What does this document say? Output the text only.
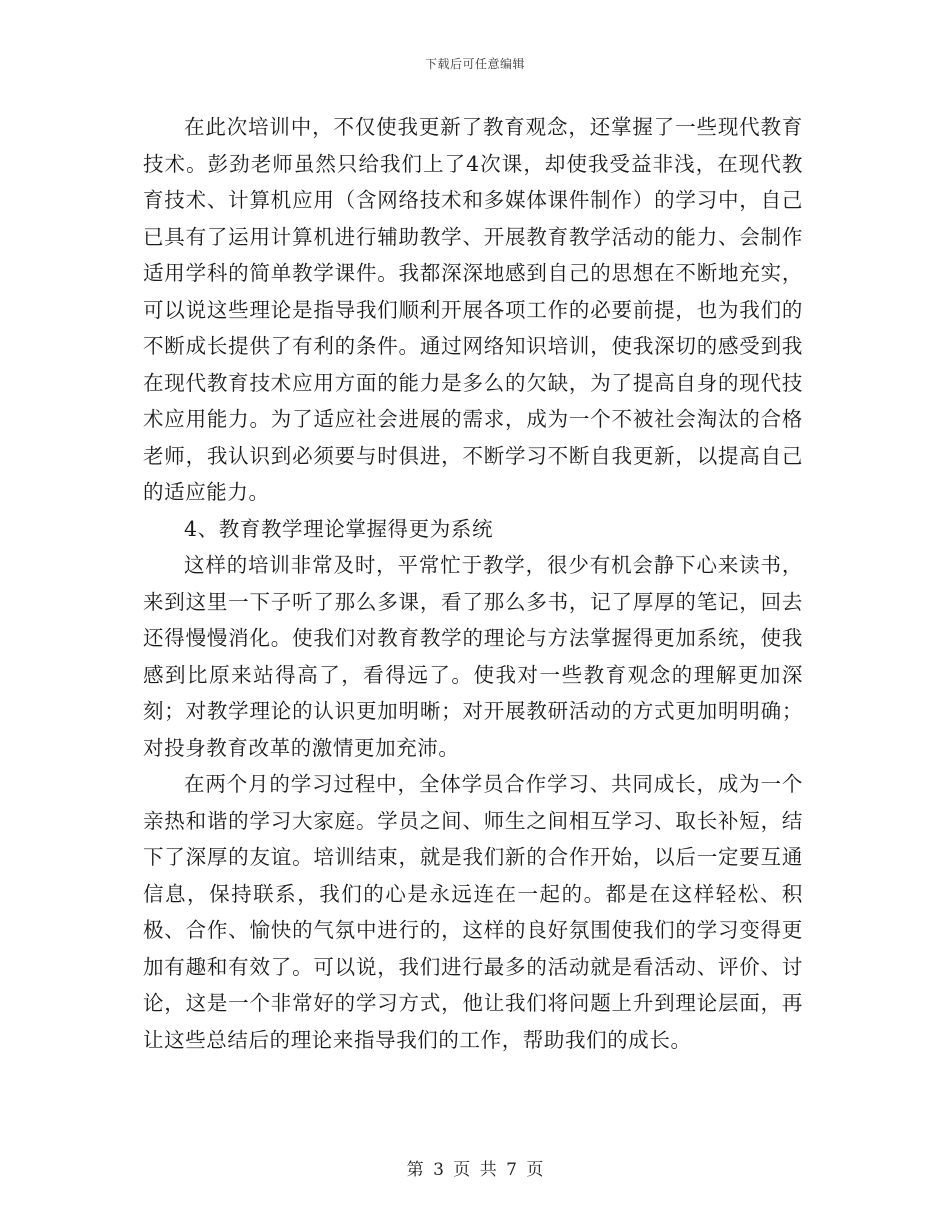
下载后可任意编辑

在此次培训中，不仅使我更新了教育观念，还掌握了一些现代教育技术。彭劲老师虽然只给我们上了4次课，却使我受益非浅，在现代教育技术、计算机应用（含网络技术和多媒体课件制作）的学习中，自己已具有了运用计算机进行辅助教学、开展教育教学活动的能力、会制作适用学科的简单教学课件。我都深深地感到自己的思想在不断地充实，可以说这些理论是指导我们顺利开展各项工作的必要前提，也为我们的不断成长提供了有利的条件。通过网络知识培训，使我深切的感受到我在现代教育技术应用方面的能力是多么的欠缺，为了提高自身的现代技术应用能力。为了适应社会进展的需求，成为一个不被社会淘汰的合格老师，我认识到必须要与时俱进，不断学习不断自我更新，以提高自己的适应能力。

4、教育教学理论掌握得更为系统

这样的培训非常及时，平常忙于教学，很少有机会静下心来读书，来到这里一下子听了那么多课，看了那么多书，记了厚厚的笔记，回去还得慢慢消化。使我们对教育教学的理论与方法掌握得更加系统，使我感到比原来站得高了，看得远了。使我对一些教育观念的理解更加深刻；对教学理论的认识更加明晰；对开展教研活动的方式更加明明确；对投身教育改革的激情更加充沛。

在两个月的学习过程中，全体学员合作学习、共同成长，成为一个亲热和谐的学习大家庭。学员之间、师生之间相互学习、取长补短，结下了深厚的友谊。培训结束，就是我们新的合作开始，以后一定要互通信息，保持联系，我们的心是永远连在一起的。都是在这样轻松、积极、合作、愉快的气氛中进行的，这样的良好氛围使我们的学习变得更加有趣和有效了。可以说，我们进行最多的活动就是看活动、评价、讨论，这是一个非常好的学习方式，他让我们将问题上升到理论层面，再让这些总结后的理论来指导我们的工作，帮助我们的成长。

第 3 页 共 7 页
